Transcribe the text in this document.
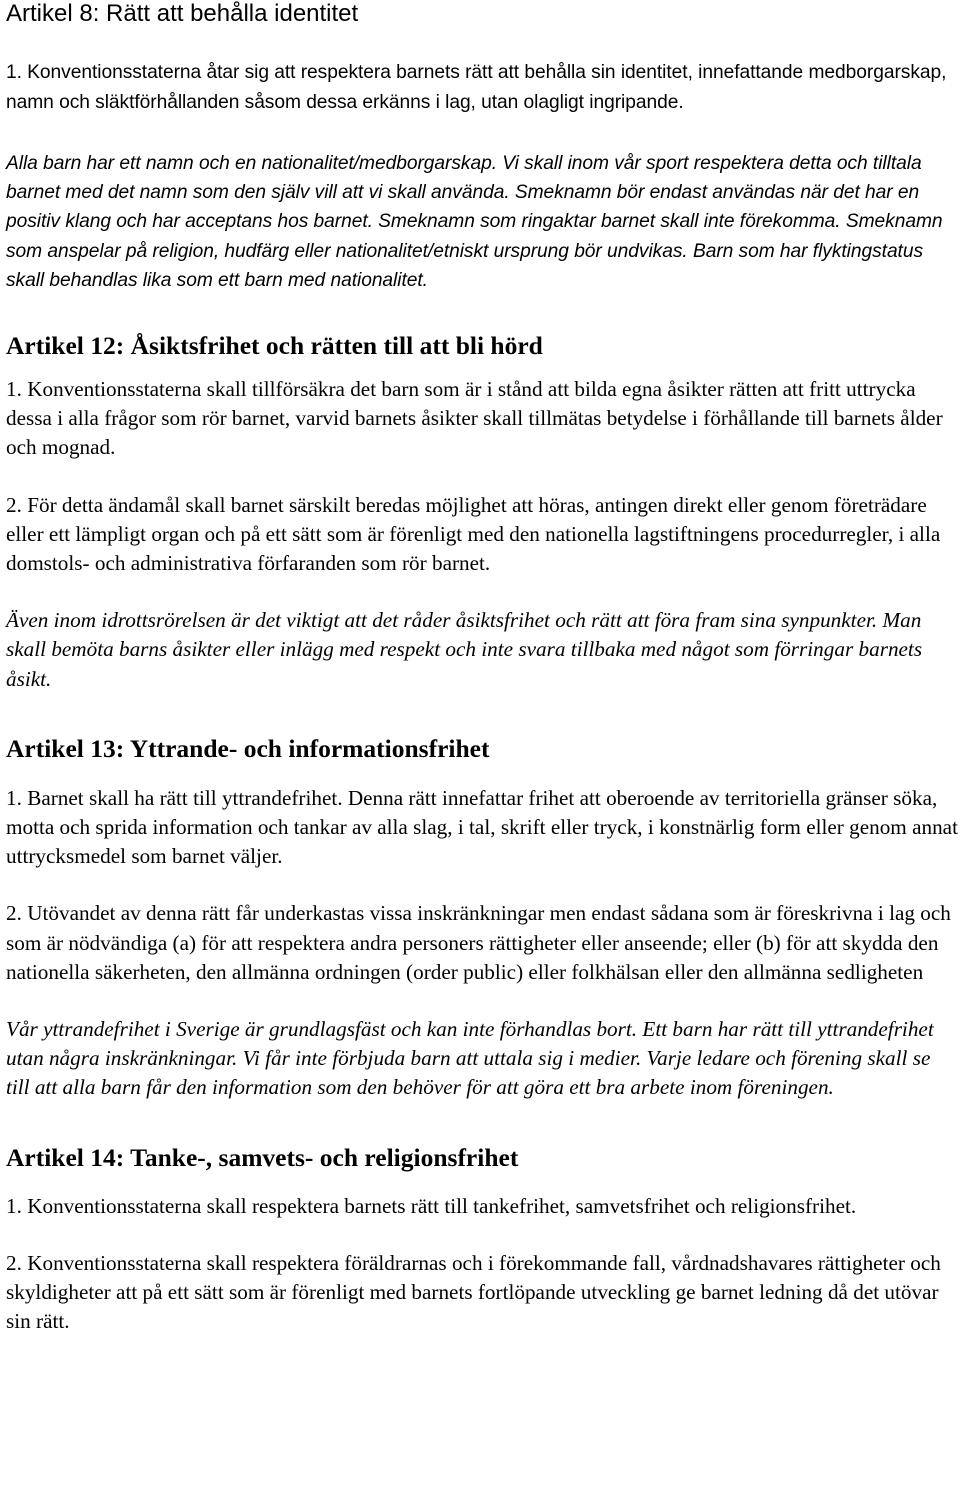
Artikel 8: Rätt att behålla identitet

1. Konventionsstaterna åtar sig att respektera barnets rätt att behålla sin identitet, innefattande medborgarskap, namn och släktförhållanden såsom dessa erkänns i lag, utan olagligt ingripande.

Alla barn har ett namn och en nationalitet/medborgarskap. Vi skall inom vår sport respektera detta och tilltala barnet med det namn som den själv vill att vi skall använda. Smeknamn bör endast användas när det har en positiv klang och har acceptans hos barnet. Smeknamn som ringaktar barnet skall inte förekomma. Smeknamn som anspelar på religion, hudfärg eller nationalitet/etniskt ursprung bör undvikas. Barn som har flyktingstatus skall behandlas lika som ett barn med nationalitet.

Artikel 12: Åsiktsfrihet och rätten till att bli hörd

1. Konventionsstaterna skall tillförsäkra det barn som är i stånd att bilda egna åsikter rätten att fritt uttrycka dessa i alla frågor som rör barnet, varvid barnets åsikter skall tillmätas betydelse i förhållande till barnets ålder och mognad.

2. För detta ändamål skall barnet särskilt beredas möjlighet att höras, antingen direkt eller genom företrädare eller ett lämpligt organ och på ett sätt som är förenligt med den nationella lagstiftningens procedurregler, i alla domstols- och administrativa förfaranden som rör barnet.

Även inom idrottsrörelsen är det viktigt att det råder åsiktsfrihet och rätt att föra fram sina synpunkter. Man skall bemöta barns åsikter eller inlägg med respekt och inte svara tillbaka med något som förringar barnets åsikt.

Artikel 13: Yttrande- och informationsfrihet

1. Barnet skall ha rätt till yttrandefrihet. Denna rätt innefattar frihet att oberoende av territoriella gränser söka, motta och sprida information och tankar av alla slag, i tal, skrift eller tryck, i konstnärlig form eller genom annat uttrycksmedel som barnet väljer.

2. Utövandet av denna rätt får underkastas vissa inskränkningar men endast sådana som är föreskrivna i lag och som är nödvändiga (a) för att respektera andra personers rättigheter eller anseende; eller (b) för att skydda den nationella säkerheten, den allmänna ordningen (order public) eller folkhälsan eller den allmänna sedligheten

Vår yttrandefrihet i Sverige är grundlagsfäst och kan inte förhandlas bort. Ett barn har rätt till yttrandefrihet utan några inskränkningar. Vi får inte förbjuda barn att uttala sig i medier. Varje ledare och förening skall se till att alla barn får den information som den behöver för att göra ett bra arbete inom föreningen.

Artikel 14: Tanke-, samvets- och religionsfrihet

1. Konventionsstaterna skall respektera barnets rätt till tankefrihet, samvetsfrihet och religionsfrihet.

2. Konventionsstaterna skall respektera föräldrarnas och i förekommande fall, vårdnadshavares rättigheter och skyldigheter att på ett sätt som är förenligt med barnets fortlöpande utveckling ge barnet ledning då det utövar sin rätt.
